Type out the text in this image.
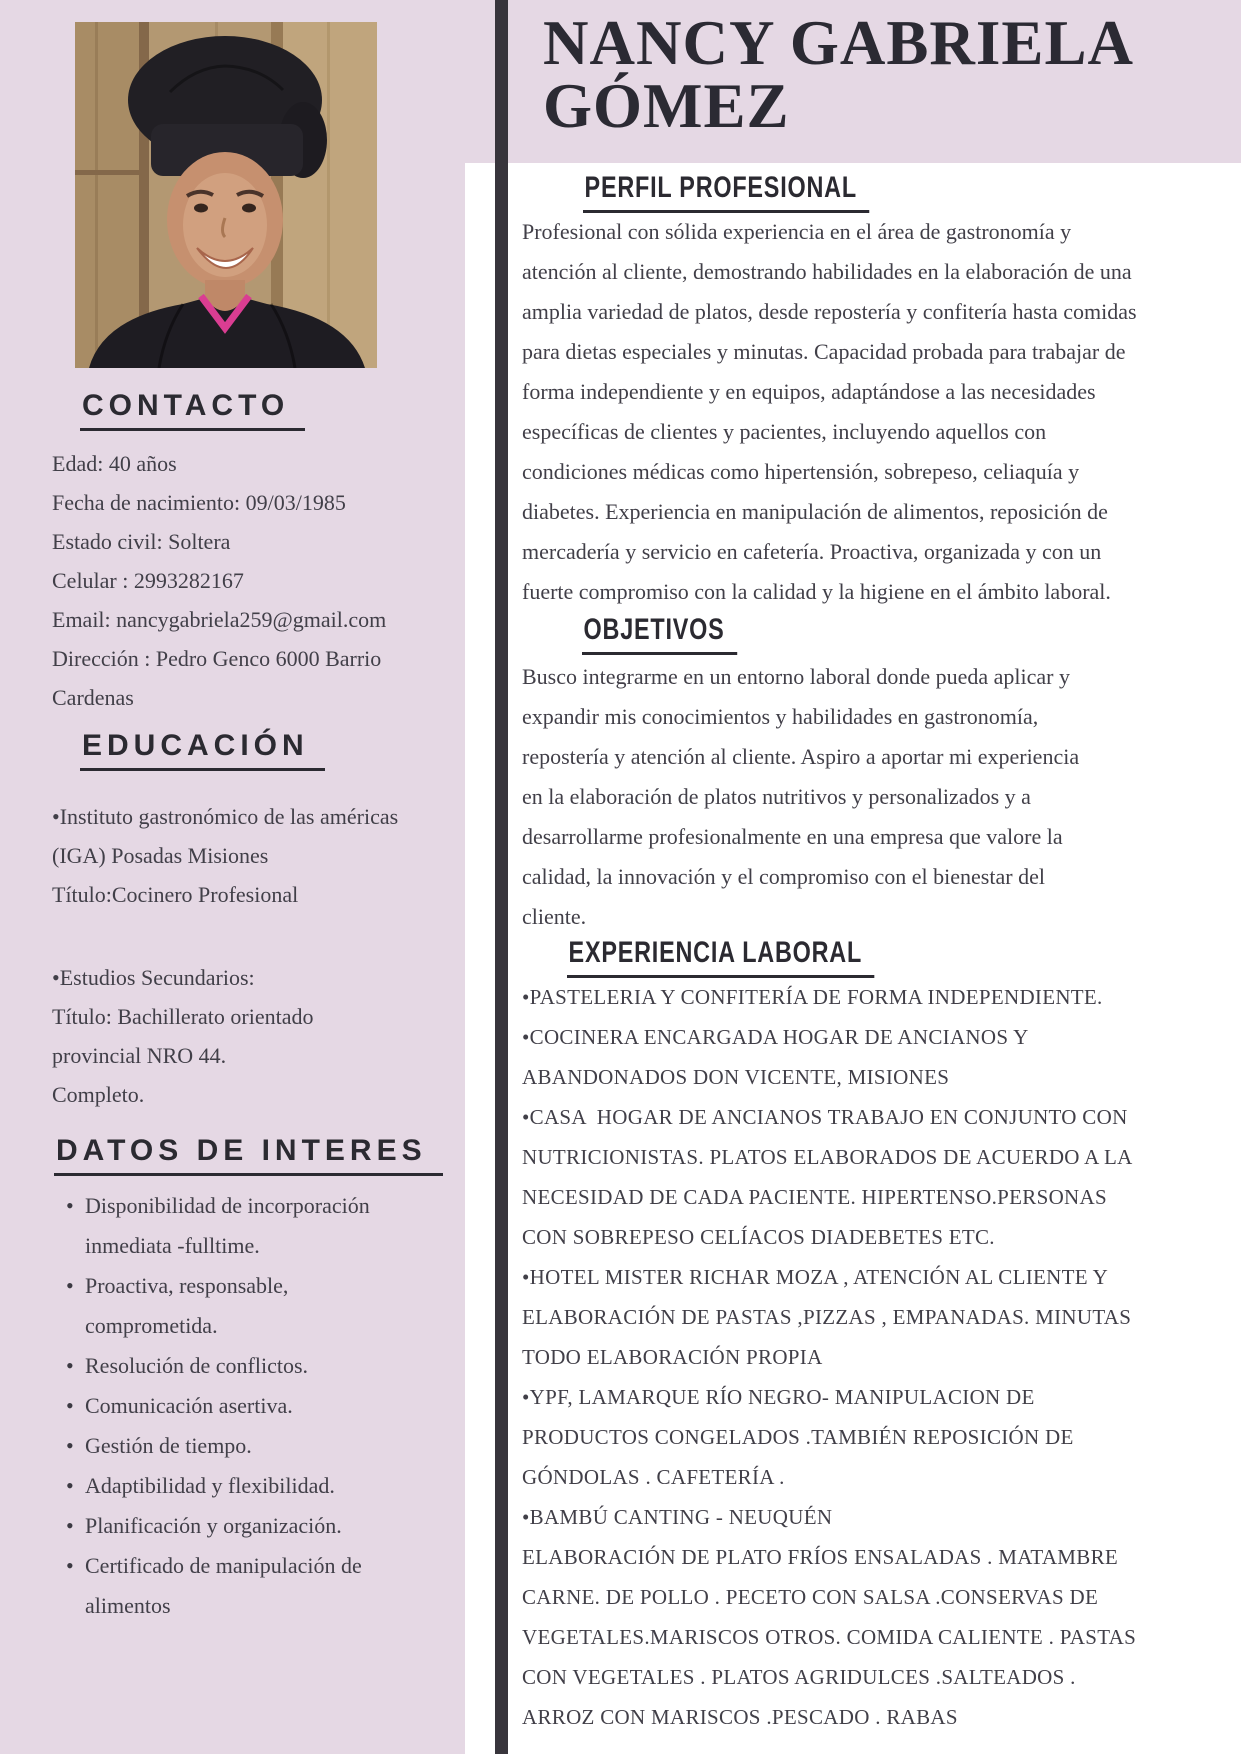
NANCY GABRIELA
GÓMEZ
CONTACTO
Edad: 40 años
Fecha de nacimiento: 09/03/1985
Estado civil: Soltera
Celular : 2993282167
Email: nancygabriela259@gmail.com
Dirección : Pedro Genco 6000 Barrio
Cardenas
EDUCACIÓN
•Instituto gastronómico de las américas
(IGA) Posadas Misiones
Título:Cocinero Profesional
•Estudios Secundarios:
Título: Bachillerato orientado
provincial NRO 44.
Completo.
DATOS DE INTERES
• Disponibilidad de incorporación
inmediata -fulltime.
• Proactiva, responsable,
comprometida.
• Resolución de conflictos.
• Comunicación asertiva.
• Gestión de tiempo.
• Adaptibilidad y flexibilidad.
• Planificación y organización.
• Certificado de manipulación de
alimentos
PERFIL PROFESIONAL
Profesional con sólida experiencia en el área de gastronomía y
atención al cliente, demostrando habilidades en la elaboración de una
amplia variedad de platos, desde repostería y confitería hasta comidas
para dietas especiales y minutas. Capacidad probada para trabajar de
forma independiente y en equipos, adaptándose a las necesidades
específicas de clientes y pacientes, incluyendo aquellos con
condiciones médicas como hipertensión, sobrepeso, celiaquía y
diabetes. Experiencia en manipulación de alimentos, reposición de
mercadería y servicio en cafetería. Proactiva, organizada y con un
fuerte compromiso con la calidad y la higiene en el ámbito laboral.
OBJETIVOS
Busco integrarme en un entorno laboral donde pueda aplicar y
expandir mis conocimientos y habilidades en gastronomía,
repostería y atención al cliente. Aspiro a aportar mi experiencia
en la elaboración de platos nutritivos y personalizados y a
desarrollarme profesionalmente en una empresa que valore la
calidad, la innovación y el compromiso con el bienestar del
cliente.
EXPERIENCIA LABORAL
•PASTELERIA Y CONFITERÍA DE FORMA INDEPENDIENTE.
•COCINERA ENCARGADA HOGAR DE ANCIANOS Y
ABANDONADOS DON VICENTE, MISIONES
•CASA  HOGAR DE ANCIANOS TRABAJO EN CONJUNTO CON
NUTRICIONISTAS. PLATOS ELABORADOS DE ACUERDO A LA
NECESIDAD DE CADA PACIENTE. HIPERTENSO.PERSONAS
CON SOBREPESO CELÍACOS DIADEBETES ETC.
•HOTEL MISTER RICHAR MOZA , ATENCIÓN AL CLIENTE Y
ELABORACIÓN DE PASTAS ,PIZZAS , EMPANADAS. MINUTAS
TODO ELABORACIÓN PROPIA
•YPF, LAMARQUE RÍO NEGRO- MANIPULACION DE
PRODUCTOS CONGELADOS .TAMBIÉN REPOSICIÓN DE
GÓNDOLAS . CAFETERÍA .
•BAMBÚ CANTING - NEUQUÉN
ELABORACIÓN DE PLATO FRÍOS ENSALADAS . MATAMBRE
CARNE. DE POLLO . PECETO CON SALSA .CONSERVAS DE
VEGETALES.MARISCOS OTROS. COMIDA CALIENTE . PASTAS
CON VEGETALES . PLATOS AGRIDULCES .SALTEADOS .
ARROZ CON MARISCOS .PESCADO . RABAS
